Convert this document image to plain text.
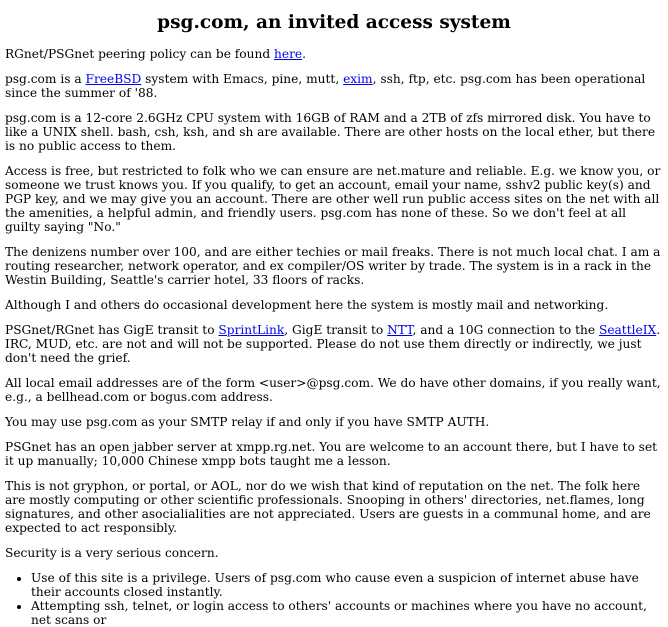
psg.com, an invited access system

RGnet/PSGnet peering policy can be found here.

psg.com is a FreeBSD system with Emacs, pine, mutt, exim, ssh, ftp, etc. psg.com has been operational since the summer of '88.

psg.com is a 12-core 2.6GHz CPU system with 16GB of RAM and a 2TB of zfs mirrored disk. You have to like a UNIX shell. bash, csh, ksh, and sh are available. There are other hosts on the local ether, but there is no public access to them.

Access is free, but restricted to folk who we can ensure are net.mature and reliable. E.g. we know you, or someone we trust knows you. If you qualify, to get an account, email your name, sshv2 public key(s) and PGP key, and we may give you an account. There are other well run public access sites on the net with all the amenities, a helpful admin, and friendly users. psg.com has none of these. So we don't feel at all guilty saying "No."

The denizens number over 100, and are either techies or mail freaks. There is not much local chat. I am a routing researcher, network operator, and ex compiler/OS writer by trade. The system is in a rack in the Westin Building, Seattle's carrier hotel, 33 floors of racks.

Although I and others do occasional development here the system is mostly mail and networking.

PSGnet/RGnet has GigE transit to SprintLink, GigE transit to NTT, and a 10G connection to the SeattleIX. IRC, MUD, etc. are not and will not be supported. Please do not use them directly or indirectly, we just don't need the grief.

All local email addresses are of the form <user>@psg.com. We do have other domains, if you really want, e.g., a bellhead.com or bogus.com address.

You may use psg.com as your SMTP relay if and only if you have SMTP AUTH.

PSGnet has an open jabber server at xmpp.rg.net. You are welcome to an account there, but I have to set it up manually; 10,000 Chinese xmpp bots taught me a lesson.

This is not gryphon, or portal, or AOL, nor do we wish that kind of reputation on the net. The folk here are mostly computing or other scientific professionals. Snooping in others' directories, net.flames, long signatures, and other asocialialities are not appreciated. Users are guests in a communal home, and are expected to act responsibly.

Security is a very serious concern.

• Use of this site is a privilege. Users of psg.com who cause even a suspicion of internet abuse have their accounts closed instantly.
• Attempting ssh, telnet, or login access to others' accounts or machines where you have no account, net scans or
